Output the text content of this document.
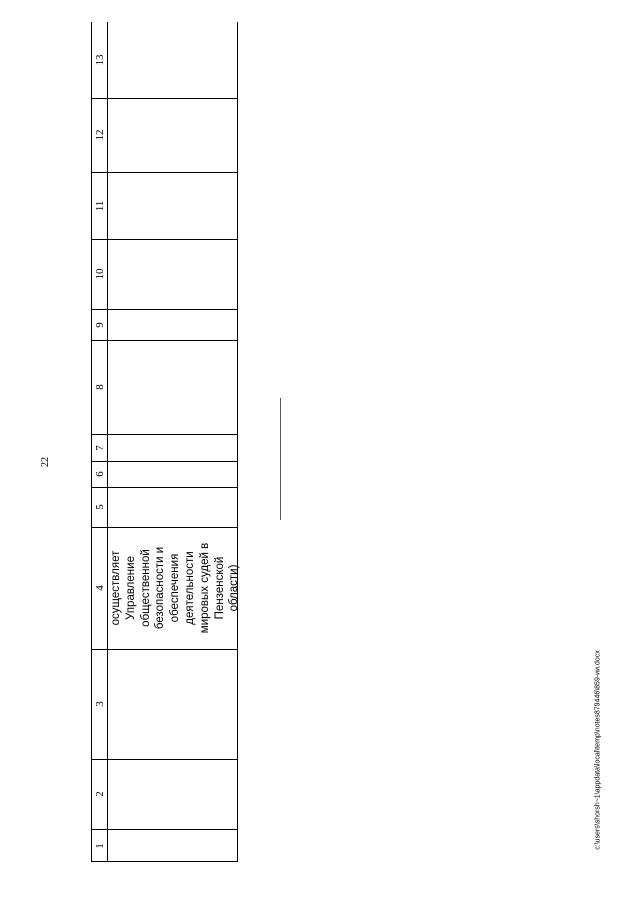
22
1
2
3
4 осуществляет
Управление
общественной
безопасности и
обеспечения
деятельности
мировых судей в
Пензенской
области)
5
6
7
8
9
10
11
12
13
c:\users\shorsh~1\appdata\local\temp\notes879446\859-ии.docx
